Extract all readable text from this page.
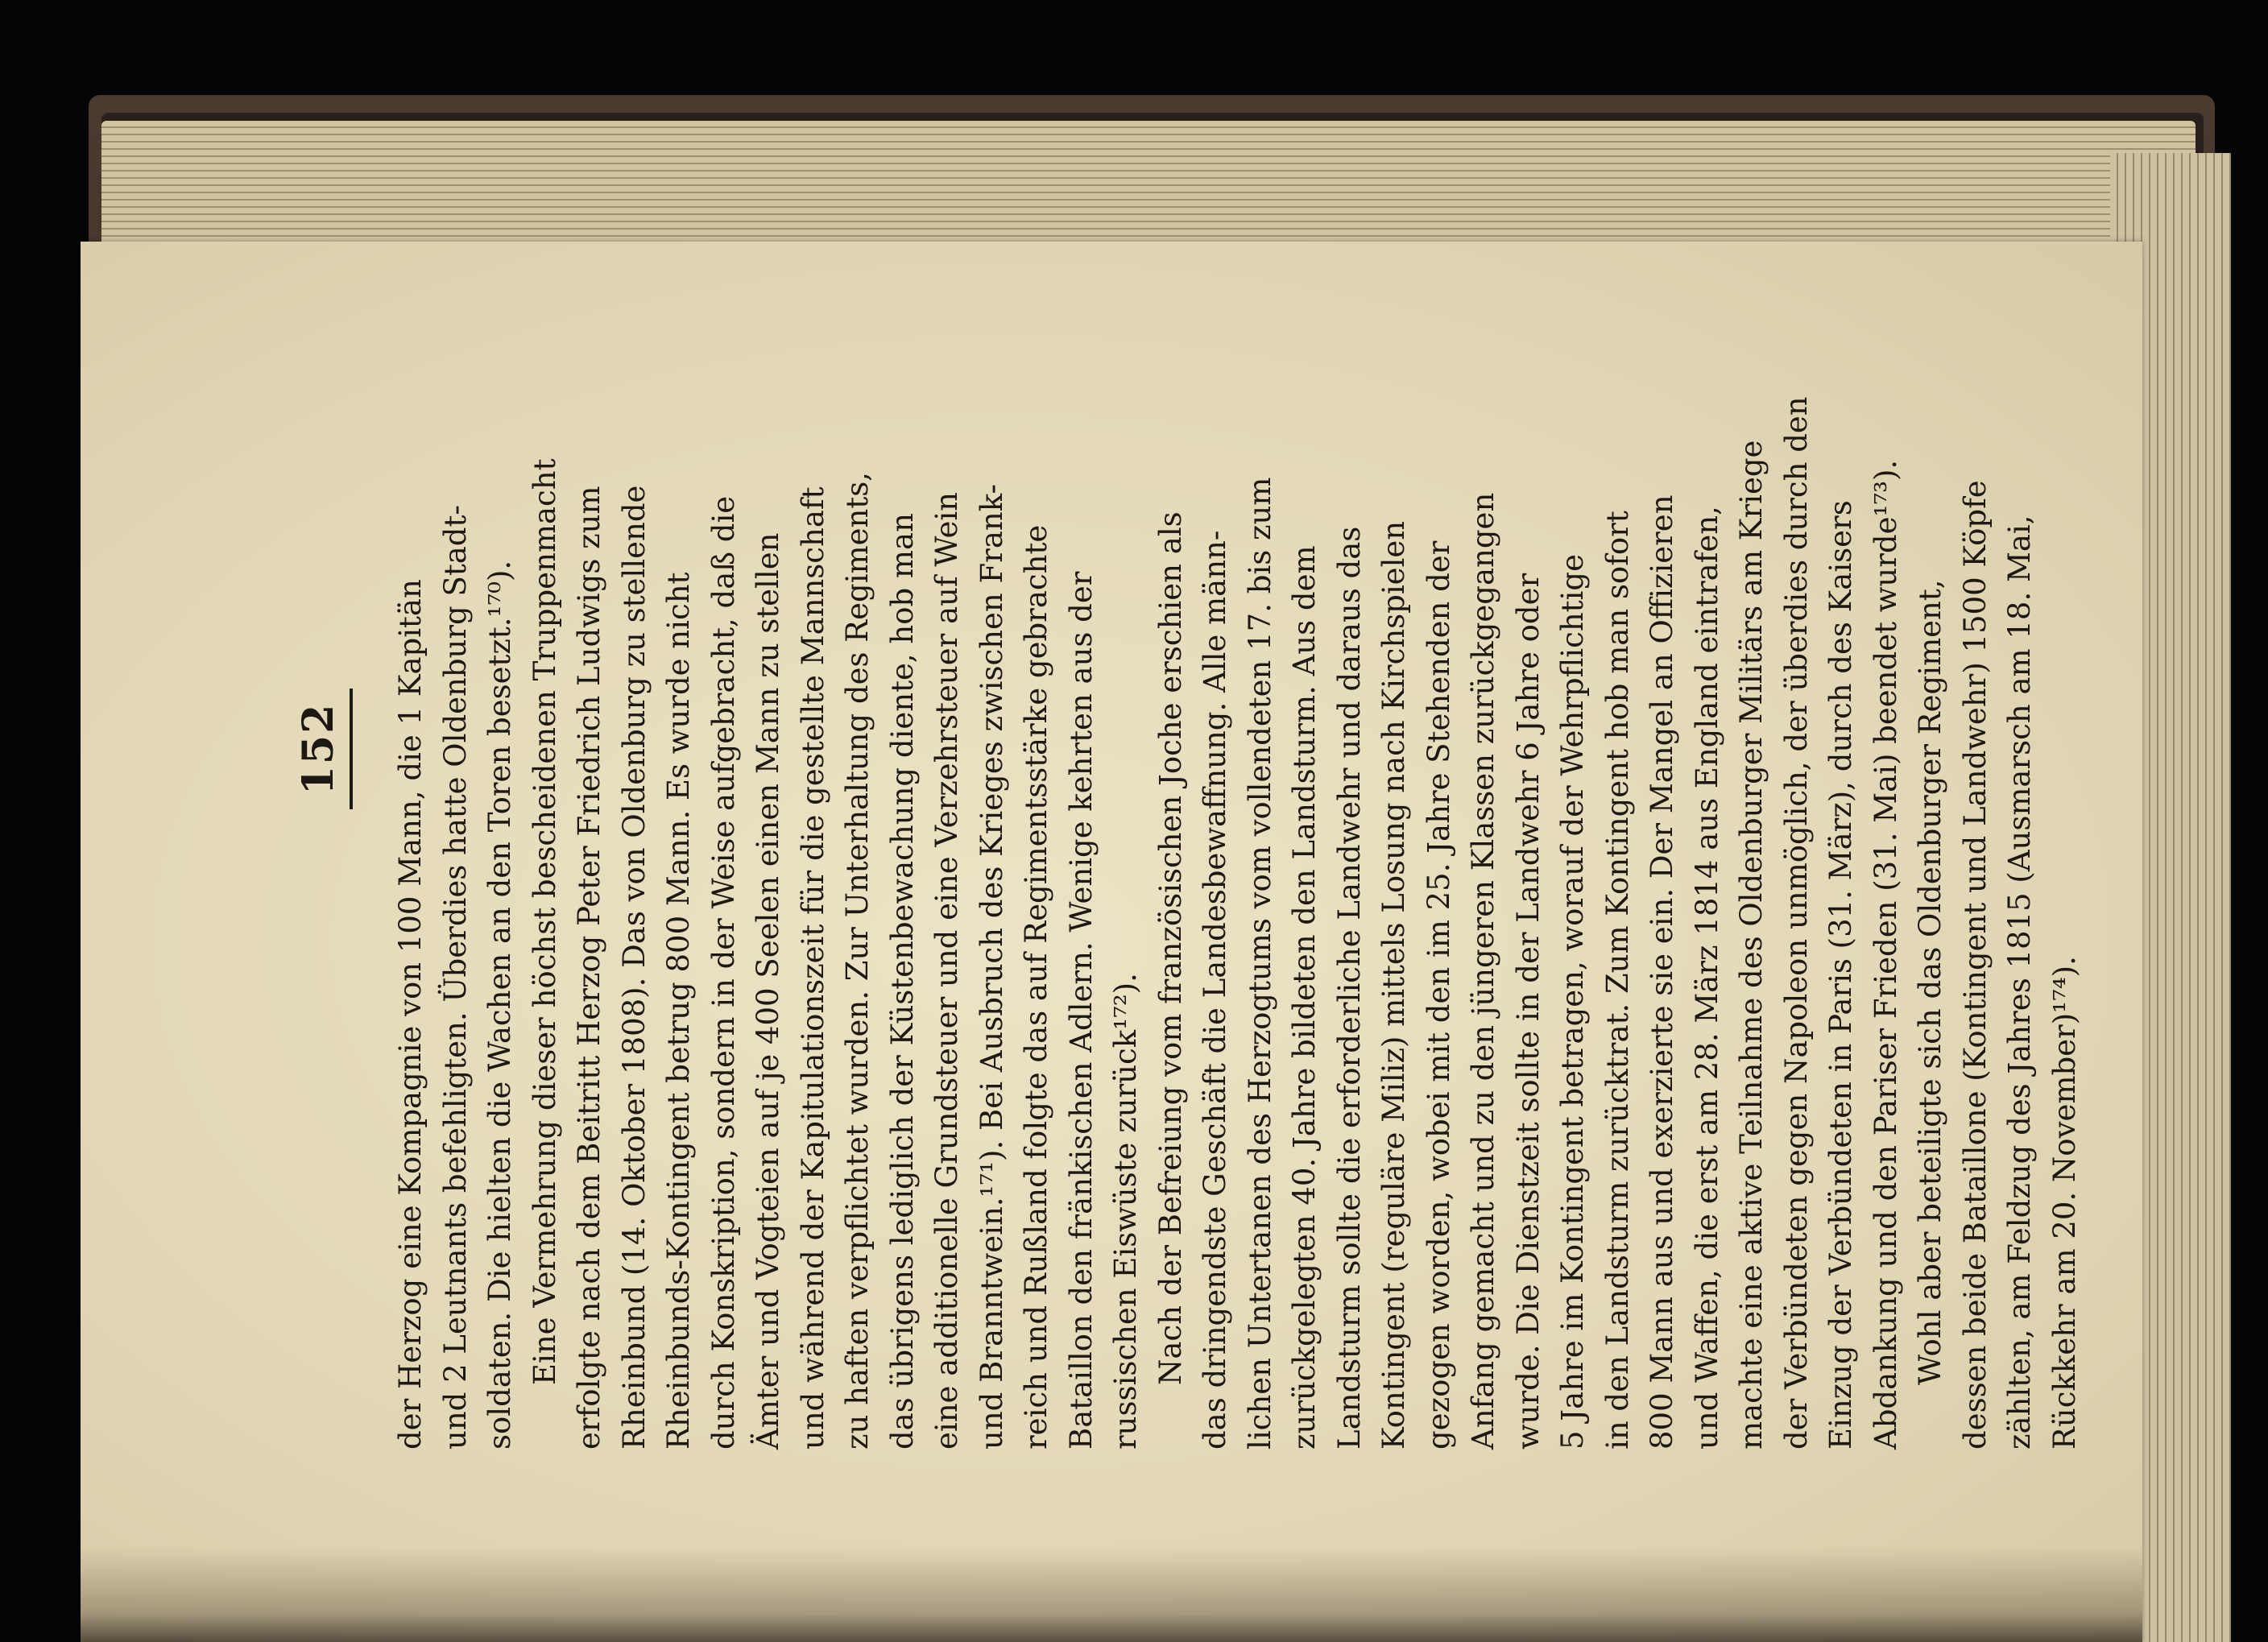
152

der Herzog eine Kompagnie von 100 Mann, die 1 Kapitän
und 2 Leutnants befehligten. Überdies hatte Oldenburg Stadt-
soldaten. Die hielten die Wachen an den Toren besetzt.¹⁷⁰).

Eine Vermehrung dieser höchst bescheidenen Truppenmacht
erfolgte nach dem Beitritt Herzog Peter Friedrich Ludwigs zum
Rheinbund (14. Oktober 1808). Das von Oldenburg zu stellende
Rheinbunds-Kontingent betrug 800 Mann. Es wurde nicht
durch Konskription, sondern in der Weise aufgebracht, daß die
Ämter und Vogteien auf je 400 Seelen einen Mann zu stellen
und während der Kapitulationszeit für die gestellte Mannschaft
zu haften verpflichtet wurden. Zur Unterhaltung des Regiments,
das übrigens lediglich der Küstenbewachung diente, hob man
eine additionelle Grundsteuer und eine Verzehrsteuer auf Wein
und Branntwein.¹⁷¹). Bei Ausbruch des Krieges zwischen Frank-
reich und Rußland folgte das auf Regimentsstärke gebrachte
Bataillon den fränkischen Adlern. Wenige kehrten aus der
russischen Eiswüste zurück¹⁷²).

Nach der Befreiung vom französischen Joche erschien als
das dringendste Geschäft die Landesbewaffnung. Alle männ-
lichen Untertanen des Herzogtums vom vollendeten 17. bis zum
zurückgelegten 40. Jahre bildeten den Landsturm. Aus dem
Landsturm sollte die erforderliche Landwehr und daraus das
Kontingent (reguläre Miliz) mittels Losung nach Kirchspielen
gezogen worden, wobei mit den im 25. Jahre Stehenden der
Anfang gemacht und zu den jüngeren Klassen zurückgegangen
wurde. Die Dienstzeit sollte in der Landwehr 6 Jahre oder
5 Jahre im Kontingent betragen, worauf der Wehrpflichtige
in den Landsturm zurücktrat. Zum Kontingent hob man sofort
800 Mann aus und exerzierte sie ein. Der Mangel an Offizieren
und Waffen, die erst am 28. März 1814 aus England eintrafen,
machte eine aktive Teilnahme des Oldenburger Militärs am Kriege
der Verbündeten gegen Napoleon unmöglich, der überdies durch den
Einzug der Verbündeten in Paris (31. März), durch des Kaisers
Abdankung und den Pariser Frieden (31. Mai) beendet wurde¹⁷³).

Wohl aber beteiligte sich das Oldenburger Regiment,
dessen beide Bataillone (Kontingent und Landwehr) 1500 Köpfe
zählten, am Feldzug des Jahres 1815 (Ausmarsch am 18. Mai,
Rückkehr am 20. November)¹⁷⁴).
